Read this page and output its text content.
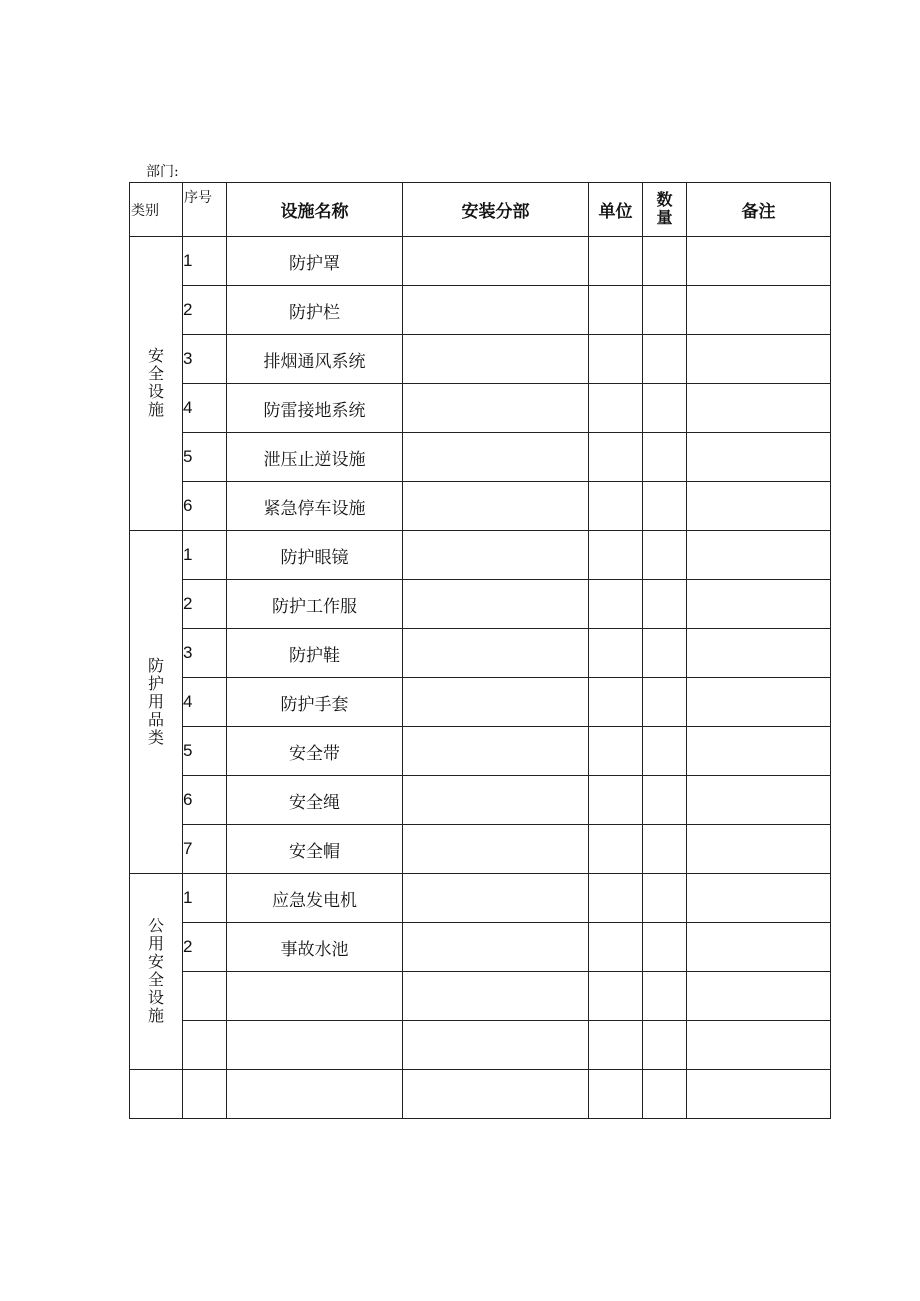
部门:
类别	序号	设施名称	安装分部	单位	数量	备注
安全设施	1	防护罩				
	2	防护栏				
	3	排烟通风系统				
	4	防雷接地系统				
	5	泄压止逆设施				
	6	紧急停车设施				
防护用品类	1	防护眼镜				
	2	防护工作服				
	3	防护鞋				
	4	防护手套				
	5	安全带				
	6	安全绳				
	7	安全帽				
公用安全设施	1	应急发电机				
	2	事故水池				
